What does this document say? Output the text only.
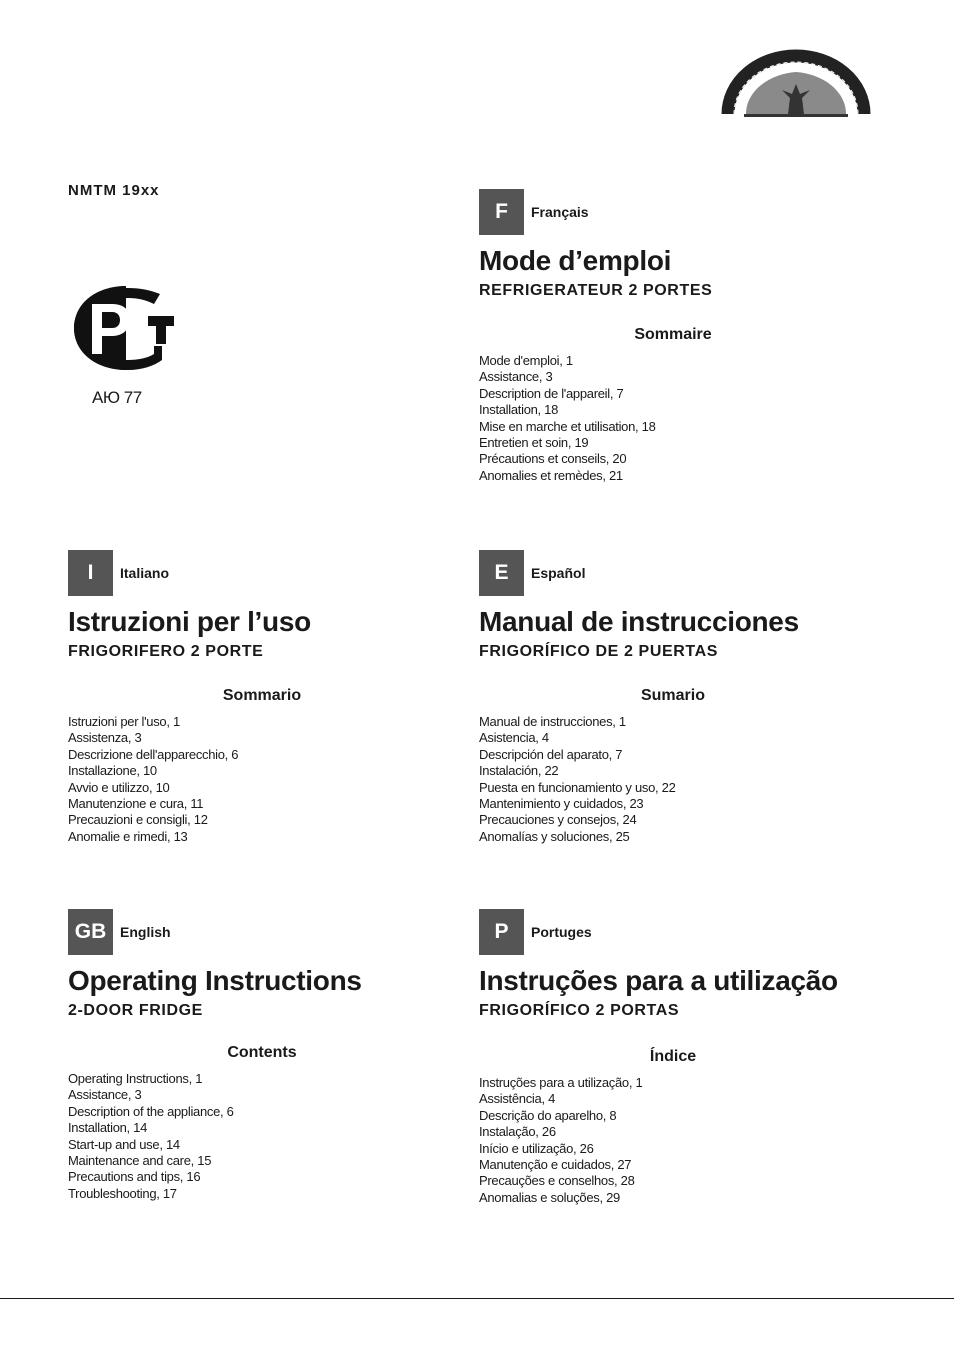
NMTM 19xx

АЮ 77

F	Français
Mode d’emploi

REFRIGERATEUR 2 PORTES

Sommaire
Mode d'emploi, 1
Assistance, 3
Description de l'appareil, 7
Installation, 18
Mise en marche et utilisation, 18
Entretien et soin, 19
Précautions et conseils, 20
Anomalies et remèdes, 21
I	Italiano
Istruzioni per l’uso

FRIGORIFERO 2 PORTE

Sommario
Istruzioni per l'uso, 1
Assistenza, 3
Descrizione dell'apparecchio, 6
Installazione, 10
Avvio e utilizzo, 10
Manutenzione e cura, 11
Precauzioni e consigli, 12
Anomalie e rimedi, 13
E	Español
Manual de instrucciones

FRIGORÍFICO DE 2 PUERTAS

Sumario
Manual de instrucciones, 1
Asistencia, 4
Descripción del aparato, 7
Instalación, 22
Puesta en funcionamiento y uso, 22
Mantenimiento y cuidados, 23
Precauciones y consejos, 24
Anomalías y soluciones, 25
GB English
Operating Instructions

2-DOOR FRIDGE

Contents
Operating Instructions, 1
Assistance, 3
Description of the appliance, 6
Installation, 14
Start-up and use, 14
Maintenance and care, 15
Precautions and tips, 16
Troubleshooting, 17
P	Portuges
Instruções para a utilização

FRIGORÍFICO 2 PORTAS

Índice
Instruções para a utilização, 1
Assistência, 4
Descrição do aparelho, 8
Instalação, 26
Início e utilização, 26
Manutenção e cuidados, 27
Precauções e conselhos, 28
Anomalias e soluções, 29
